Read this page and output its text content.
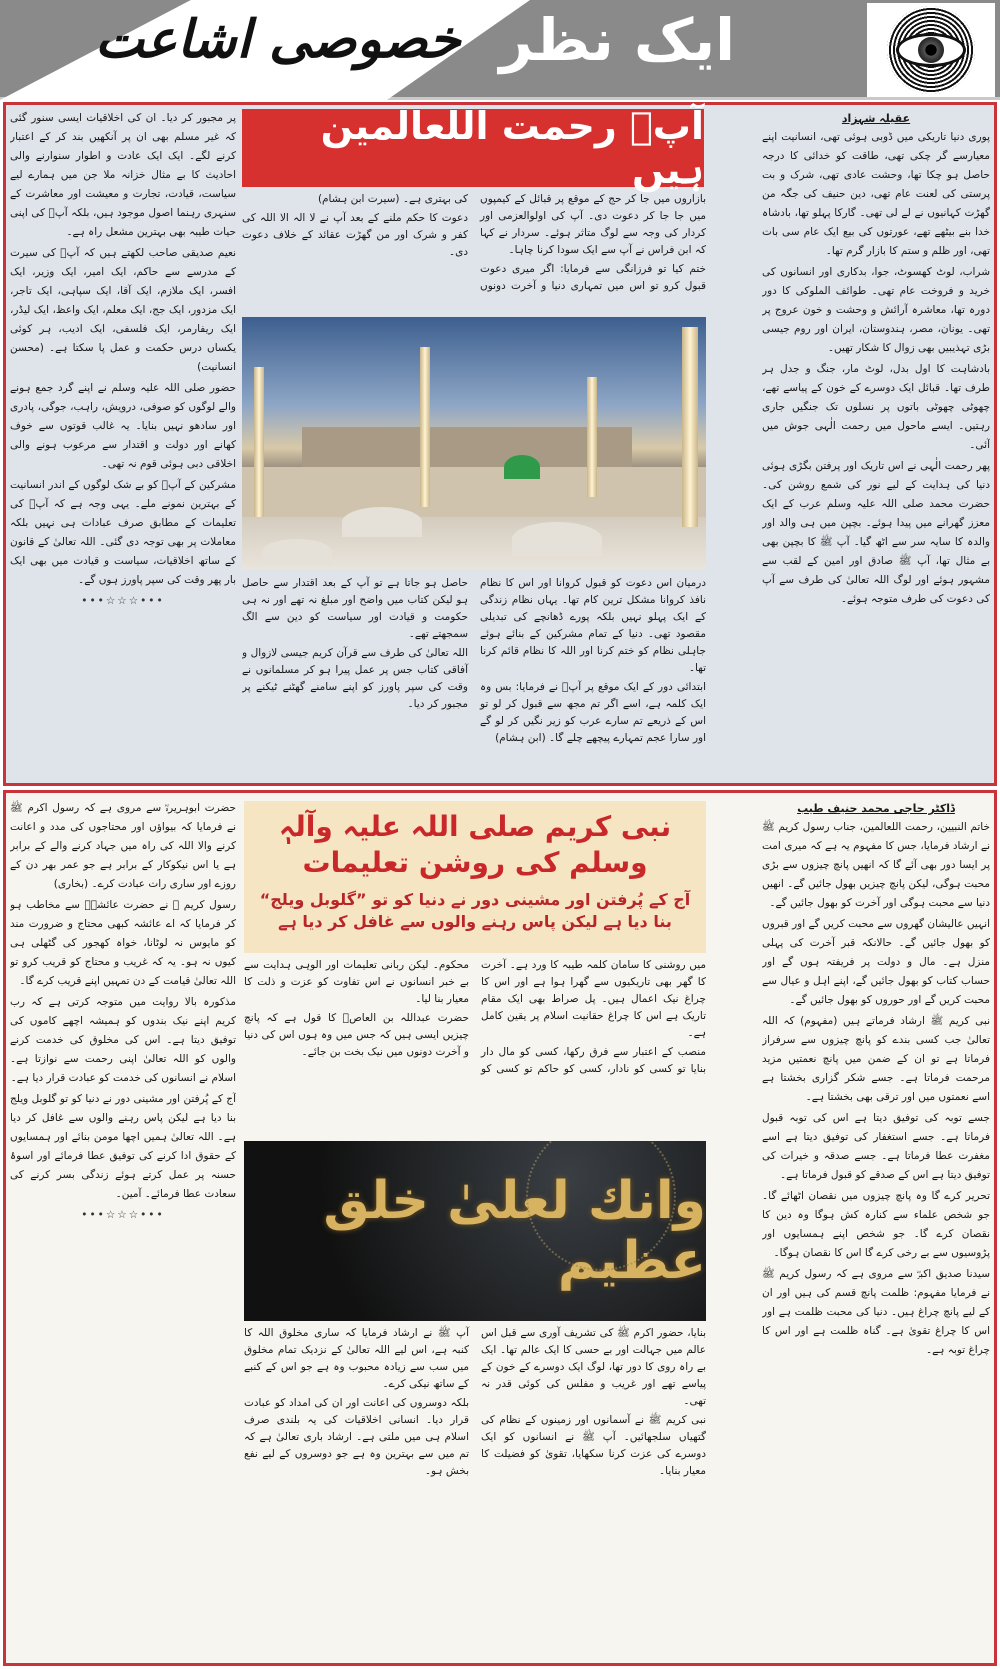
ایک نظر
خصوصی اشاعت
عقیلہ شہزاد

پوری دنیا تاریکی میں ڈوبی ہوئی تھی، انسانیت اپنے معیارسے گر چکی تھی، طاقت کو خدائی کا درجہ حاصل ہو چکا تھا، وحشت عادی تھی، شرک و بت پرستی کی لعنت عام تھی، دین حنیف کی جگہ من گھڑت کہانیوں نے لے لی تھی۔ گارکا پہلو تھا، بادشاہ خدا بنے بیٹھے تھے، عورتوں کی بیع ایک عام سی بات تھی، اور ظلم و ستم کا بازار گرم تھا۔

شراب، لوٹ کھسوٹ، جوا، بدکاری اور انسانوں کی خرید و فروخت عام تھی۔ طوائف الملوکی کا دور دورہ تھا، معاشرہ آرائش و وحشت و خون عروج پر تھی۔ یونان، مصر، ہندوستان، ایران اور روم جیسی بڑی تہذیبیں بھی زوال کا شکار تھیں۔

بادشاہت کا اول بدل، لوٹ مار، جنگ و جدل ہر طرف تھا۔ قبائل ایک دوسرے کے خون کے پیاسے تھے، چھوٹی چھوٹی باتوں پر نسلوں تک جنگیں جاری رہتیں۔ ایسے ماحول میں رحمت الٰہی جوش میں آئی۔

پھر رحمت الٰہی نے اس تاریک اور پرفتن بگڑی ہوئی دنیا کی ہدایت کے لیے نور کی شمع روشن کی۔ حضرت محمد صلی اللہ علیہ وسلم عرب کے ایک معزز گھرانے میں پیدا ہوئے۔ بچپن میں ہی والد اور والدہ کا سایہ سر سے اٹھ گیا۔ آپ ﷺ کا بچپن بھی بے مثال تھا، آپ ﷺ صادق اور امین کے لقب سے مشہور ہوئے اور لوگ اللہ تعالیٰ کی طرف سے آپ کی دعوت کی طرف متوجہ ہوئے۔

آپؐ رحمت اللعالمین ہیں

بازاروں میں جا کر حج کے موقع پر قبائل کے کیمپوں میں جا جا کر دعوت دی۔ آپ کی اولوالعزمی اور کردار کی وجہ سے لوگ متاثر ہوئے۔ سردار نے کہا کہ ابن فراس نے آپ سے ایک سودا کرنا چاہا۔

ختم کیا تو فرزانگی سے فرمایا: اگر میری دعوت قبول کرو تو اس میں تمہاری دنیا و آخرت دونوں کی بہتری ہے۔ (سیرت ابن ہشام)

دعوت کا حکم ملنے کے بعد آپ نے لا الہ الا اللہ کی کفر و شرک اور من گھڑت عقائد کے خلاف دعوت دی۔

درمیان اس دعوت کو قبول کروانا اور اس کا نظام نافذ کروانا مشکل ترین کام تھا۔ یہاں نظام زندگی کے ایک پہلو نہیں بلکہ پورے ڈھانچے کی تبدیلی مقصود تھی۔ دنیا کے تمام مشرکین کے بنائے ہوئے جاہلی نظام کو ختم کرنا اور اللہ کا نظام قائم کرنا تھا۔

ابتدائی دور کے ایک موقع پر آپؐ نے فرمایا: بس وہ ایک کلمہ ہے، اسے اگر تم مجھ سے قبول کر لو تو اس کے ذریعے تم سارے عرب کو زیر نگیں کر لو گے اور سارا عجم تمہارے پیچھے چلے گا۔ (ابن ہشام)

حاصل ہو جاتا ہے تو آپ کے بعد اقتدار سے حاصل ہو لیکن کتاب میں واضح اور مبلغ نہ تھے اور نہ ہی حکومت و قیادت اور سیاست کو دین سے الگ سمجھتے تھے۔

اللہ تعالیٰ کی طرف سے قرآن کریم جیسی لازوال و آفاقی کتاب جس پر عمل پیرا ہو کر مسلمانوں نے وقت کی سپر پاورز کو اپنے سامنے گھٹنے ٹیکنے پر مجبور کر دیا۔

پر مجبور کر دیا۔ ان کی اخلاقیات ایسی سنور گئی کہ غیر مسلم بھی ان پر آنکھیں بند کر کے اعتبار کرنے لگے۔ ایک ایک عادت و اطوار سنوارنے والی احادیث کا بے مثال خزانہ ملا جن میں ہمارے لیے سیاست، قیادت، تجارت و معیشت اور معاشرت کے سنہری رہنما اصول موجود ہیں، بلکہ آپؐ کی اپنی حیات طیبہ بھی بہترین مشعل راہ ہے۔

نعیم صدیقی صاحب لکھتے ہیں کہ آپؐ کی سیرت کے مدرسے سے حاکم، ایک امیر، ایک وزیر، ایک افسر، ایک ملازم، ایک آقا، ایک سپاہی، ایک تاجر، ایک مزدور، ایک جج، ایک معلم، ایک واعظ، ایک لیڈر، ایک ریفارمر، ایک فلسفی، ایک ادیب، ہر کوئی یکساں درس حکمت و عمل پا سکتا ہے۔ (محسن انسانیت)

حضور صلی اللہ علیہ وسلم نے اپنے گرد جمع ہونے والے لوگوں کو صوفی، درویش، راہب، جوگی، پادری اور سادھو نہیں بنایا۔ یہ غالب قوتوں سے خوف کھانے اور دولت و اقتدار سے مرعوب ہونے والی اخلاقی دبی ہوئی قوم نہ تھی۔

مشرکین کے آپؐ کو بے شک لوگوں کے اندر انسانیت کے بہترین نمونے ملے۔ یہی وجہ ہے کہ آپؐ کی تعلیمات کے مطابق صرف عبادات ہی نہیں بلکہ معاملات پر بھی توجہ دی گئی۔ اللہ تعالیٰ کے قانون کے ساتھ اخلاقیات، سیاست و قیادت میں بھی ایک بار پھر وقت کی سپر پاورز ہوں گے۔

•••☆☆☆•••
ڈاکٹر حاجی محمد حنیف طیب

خاتم النبیین، رحمت اللعالمین، جناب رسول کریم ﷺ نے ارشاد فرمایا، جس کا مفہوم یہ ہے کہ میری امت پر ایسا دور بھی آئے گا کہ انھیں پانچ چیزوں سے بڑی محبت ہوگی، لیکن پانچ چیزیں بھول جائیں گے۔ انھیں دنیا سے محبت ہوگی اور آخرت کو بھول جائیں گے۔

انہیں عالیشان گھروں سے محبت کریں گے اور قبروں کو بھول جائیں گے۔ حالانکہ قبر آخرت کی پہلی منزل ہے۔ مال و دولت پر فریفتہ ہوں گے اور حساب کتاب کو بھول جائیں گے، اپنے اہل و عیال سے محبت کریں گے اور حوروں کو بھول جائیں گے۔

نبی کریم ﷺ ارشاد فرماتے ہیں (مفہوم) کہ اللہ تعالیٰ جب کسی بندے کو پانچ چیزوں سے سرفراز فرماتا ہے تو ان کے ضمن میں پانچ نعمتیں مزید مرحمت فرماتا ہے۔ جسے شکر گزاری بخشتا ہے اسے نعمتوں میں اور ترقی بھی بخشتا ہے۔

جسے توبہ کی توفیق دیتا ہے اس کی توبہ قبول فرماتا ہے۔ جسے استغفار کی توفیق دیتا ہے اسے مغفرت عطا فرماتا ہے۔ جسے صدقہ و خیرات کی توفیق دیتا ہے اس کے صدقے کو قبول فرماتا ہے۔

تحریر کرے گا وہ پانچ چیزوں میں نقصان اٹھائے گا۔ جو شخص علماء سے کنارہ کش ہوگا وہ دین کا نقصان کرے گا۔ جو شخص اپنے ہمسایوں اور پڑوسیوں سے بے رخی کرے گا اس کا نقصان ہوگا۔

سیدنا صدیق اکبرؓ سے مروی ہے کہ رسول کریم ﷺ نے فرمایا مفہوم: ظلمت پانچ قسم کی ہیں اور ان کے لیے پانچ چراغ ہیں۔ دنیا کی محبت ظلمت ہے اور اس کا چراغ تقویٰ ہے۔ گناہ ظلمت ہے اور اس کا چراغ توبہ ہے۔

نبی کریم صلی اللہ علیہ وآلہٖ وسلم کی روشن تعلیمات
آج کے پُرفتن اور مشینی دور نے دنیا کو تو ”گلوبل ویلج“ بنا دیا ہے لیکن پاس رہنے والوں سے غافل کر دیا ہے

میں روشنی کا سامان کلمہ طیبہ کا ورد ہے۔ آخرت کا گھر بھی تاریکیوں سے گھرا ہوا ہے اور اس کا چراغ نیک اعمال ہیں۔ پل صراط بھی ایک مقام تاریک ہے اس کا چراغ حقانیت اسلام پر یقین کامل ہے۔

منصب کے اعتبار سے فرق رکھا، کسی کو مال دار بنایا تو کسی کو نادار، کسی کو حاکم تو کسی کو محکوم۔ لیکن ربانی تعلیمات اور الوہی ہدایت سے بے خبر انسانوں نے اس تفاوت کو عزت و ذلت کا معیار بنا لیا۔

حضرت عبداللہ بن العاصؓ کا قول ہے کہ پانچ چیزیں ایسی ہیں کہ جس میں وہ ہوں اس کی دنیا و آخرت دونوں میں نیک بخت بن جائے۔

وانك لعلىٰ خلق عظيم

بنایا، حضور اکرم ﷺ کی تشریف آوری سے قبل اس عالم میں جہالت اور بے حسی کا ایک عالم تھا۔ ایک بے راہ روی کا دور تھا، لوگ ایک دوسرے کے خون کے پیاسے تھے اور غریب و مفلس کی کوئی قدر نہ تھی۔

نبی کریم ﷺ نے آسمانوں اور زمینوں کے نظام کی گتھیاں سلجھائیں۔ آپ ﷺ نے انسانوں کو ایک دوسرے کی عزت کرنا سکھایا، تقویٰ کو فضیلت کا معیار بنایا۔

آپ ﷺ نے ارشاد فرمایا کہ ساری مخلوق اللہ کا کنبہ ہے، اس لیے اللہ تعالیٰ کے نزدیک تمام مخلوق میں سب سے زیادہ محبوب وہ ہے جو اس کے کنبے کے ساتھ نیکی کرے۔

بلکہ دوسروں کی اعانت اور ان کی امداد کو عبادت قرار دیا۔ انسانی اخلاقیات کی یہ بلندی صرف اسلام ہی میں ملتی ہے۔ ارشاد باری تعالیٰ ہے کہ تم میں سے بہترین وہ ہے جو دوسروں کے لیے نفع بخش ہو۔

حضرت ابوہریرہؓ سے مروی ہے کہ رسول اکرم ﷺ نے فرمایا کہ بیواؤں اور محتاجوں کی مدد و اعانت کرنے والا اللہ کی راہ میں جہاد کرنے والے کے برابر ہے یا اس نیکوکار کے برابر ہے جو عمر بھر دن کے روزے اور ساری رات عبادت کرے۔ (بخاری)

رسول کریم ﷺ نے حضرت عائشہؓ سے مخاطب ہو کر فرمایا کہ اے عائشہ کبھی محتاج و ضرورت مند کو مایوس نہ لوٹانا، خواہ کھجور کی گٹھلی ہی کیوں نہ ہو۔ یہ کہ غریب و محتاج کو قریب کرو تو اللہ تعالیٰ قیامت کے دن تمہیں اپنے قریب کرے گا۔

مذکورہ بالا روایت میں متوجہ کرتی ہے کہ رب کریم اپنے نیک بندوں کو ہمیشہ اچھے کاموں کی توفیق دیتا ہے۔ اس کی مخلوق کی خدمت کرنے والوں کو اللہ تعالیٰ اپنی رحمت سے نوازتا ہے۔ اسلام نے انسانوں کی خدمت کو عبادت قرار دیا ہے۔

آج کے پُرفتن اور مشینی دور نے دنیا کو تو گلوبل ویلج بنا دیا ہے لیکن پاس رہنے والوں سے غافل کر دیا ہے۔ اللہ تعالیٰ ہمیں اچھا مومن بنائے اور ہمسایوں کے حقوق ادا کرنے کی توفیق عطا فرمائے اور اسوۂ حسنہ پر عمل کرتے ہوئے زندگی بسر کرنے کی سعادت عطا فرمائے۔ آمین۔

•••☆☆☆•••
